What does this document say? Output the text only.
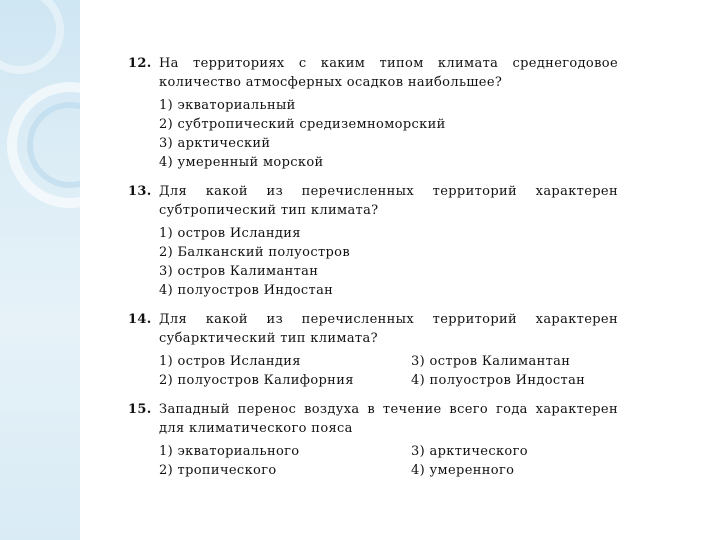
12. На территориях с каким типом климата среднегодовое количество атмосферных осадков наибольшее?
1) экваториальный
2) субтропический средиземноморский
3) арктический
4) умеренный морской
13. Для какой из перечисленных территорий характерен субтропический тип климата?
1) остров Исландия
2) Балканский полуостров
3) остров Калимантан
4) полуостров Индостан
14. Для какой из перечисленных территорий характерен субарктический тип климата?
1) остров Исландия	3) остров Калимантан
2) полуостров Калифорния	4) полуостров Индостан
15. Западный перенос воздуха в течение всего года характерен для климатического пояса
1) экваториального	3) арктического
2) тропического	4) умеренного
